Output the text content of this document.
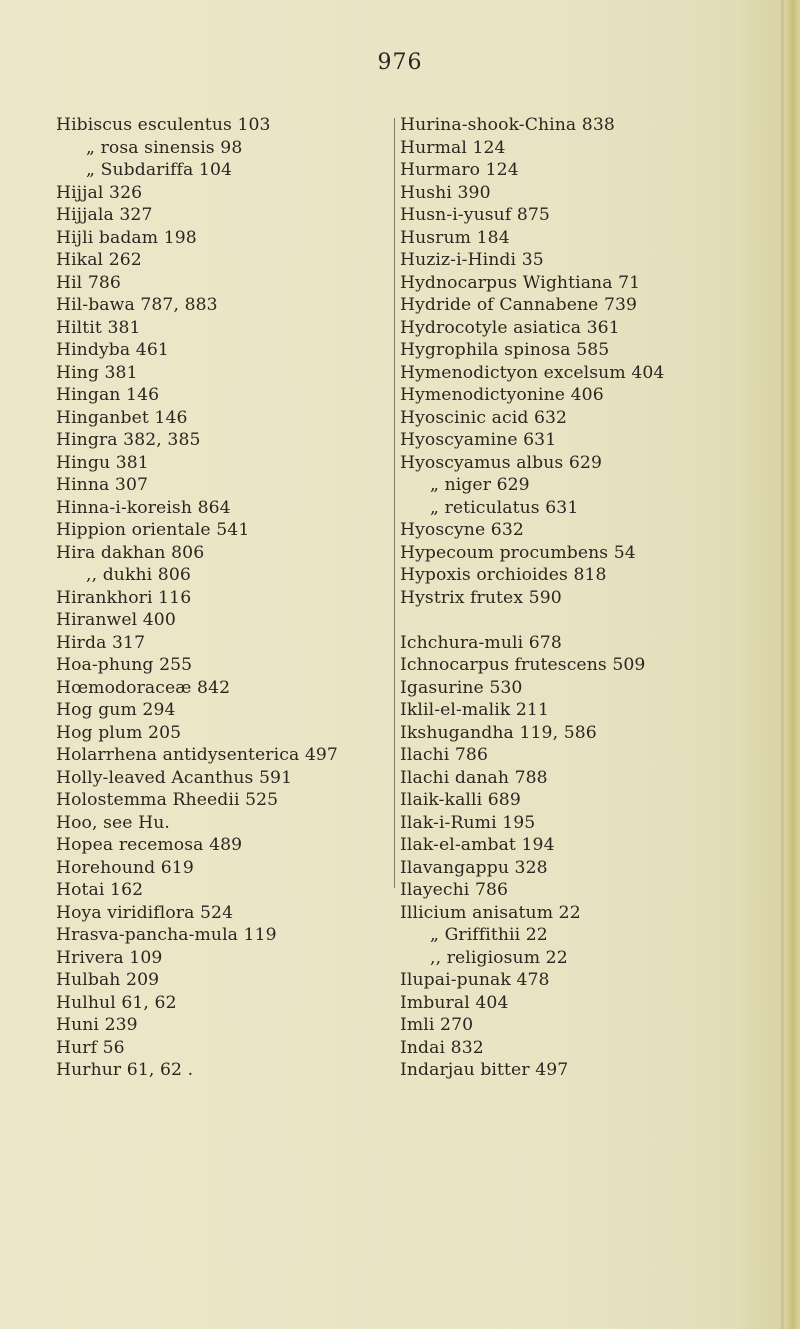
976
Hibiscus esculentus 103
„ rosa sinensis 98
„ Subdariffa 104
Hijjal 326
Hijjala 327
Hijli badam 198
Hikal 262
Hil 786
Hil-bawa 787, 883
Hiltit 381
Hindyba 461
Hing 381
Hingan 146
Hinganbet 146
Hingra 382, 385
Hingu 381
Hinna 307
Hinna-i-koreish 864
Hippion orientale 541
Hira dakhan 806
,, dukhi 806
Hirankhori 116
Hiranwel 400
Hirda 317
Hoa-phung 255
Hœmodoraceæ 842
Hog gum 294
Hog plum 205
Holarrhena antidysenterica 497
Holly-leaved Acanthus 591
Holostemma Rheedii 525
Hoo, see Hu.
Hopea recemosa 489
Horehound 619
Hotai 162
Hoya viridiflora 524
Hrasva-pancha-mula 119
Hrivera 109
Hulbah 209
Hulhul 61, 62
Huni 239
Hurf 56
Hurhur 61, 62 .
Hurina-shook-China 838
Hurmal 124
Hurmaro 124
Hushi 390
Husn-i-yusuf 875
Husrum 184
Huziz-i-Hindi 35
Hydnocarpus Wightiana 71
Hydride of Cannabene 739
Hydrocotyle asiatica 361
Hygrophila spinosa 585
Hymenodictyon excelsum 404
Hymenodictyonine 406
Hyoscinic acid 632
Hyoscyamine 631
Hyoscyamus albus 629
„ niger 629
„ reticulatus 631
Hyoscyne 632
Hypecoum procumbens 54
Hypoxis orchioides 818
Hystrix frutex 590
Ichchura-muli 678
Ichnocarpus frutescens 509
Igasurine 530
Iklil-el-malik 211
Ikshugandha 119, 586
Ilachi 786
Ilachi danah 788
Ilaik-kalli 689
Ilak-i-Rumi 195
Ilak-el-ambat 194
Ilavangappu 328
Ilayechi 786
Illicium anisatum 22
„ Griffithii 22
,, religiosum 22
Ilupai-punak 478
Imbural 404
Imli 270
Indai 832
Indarjau bitter 497
